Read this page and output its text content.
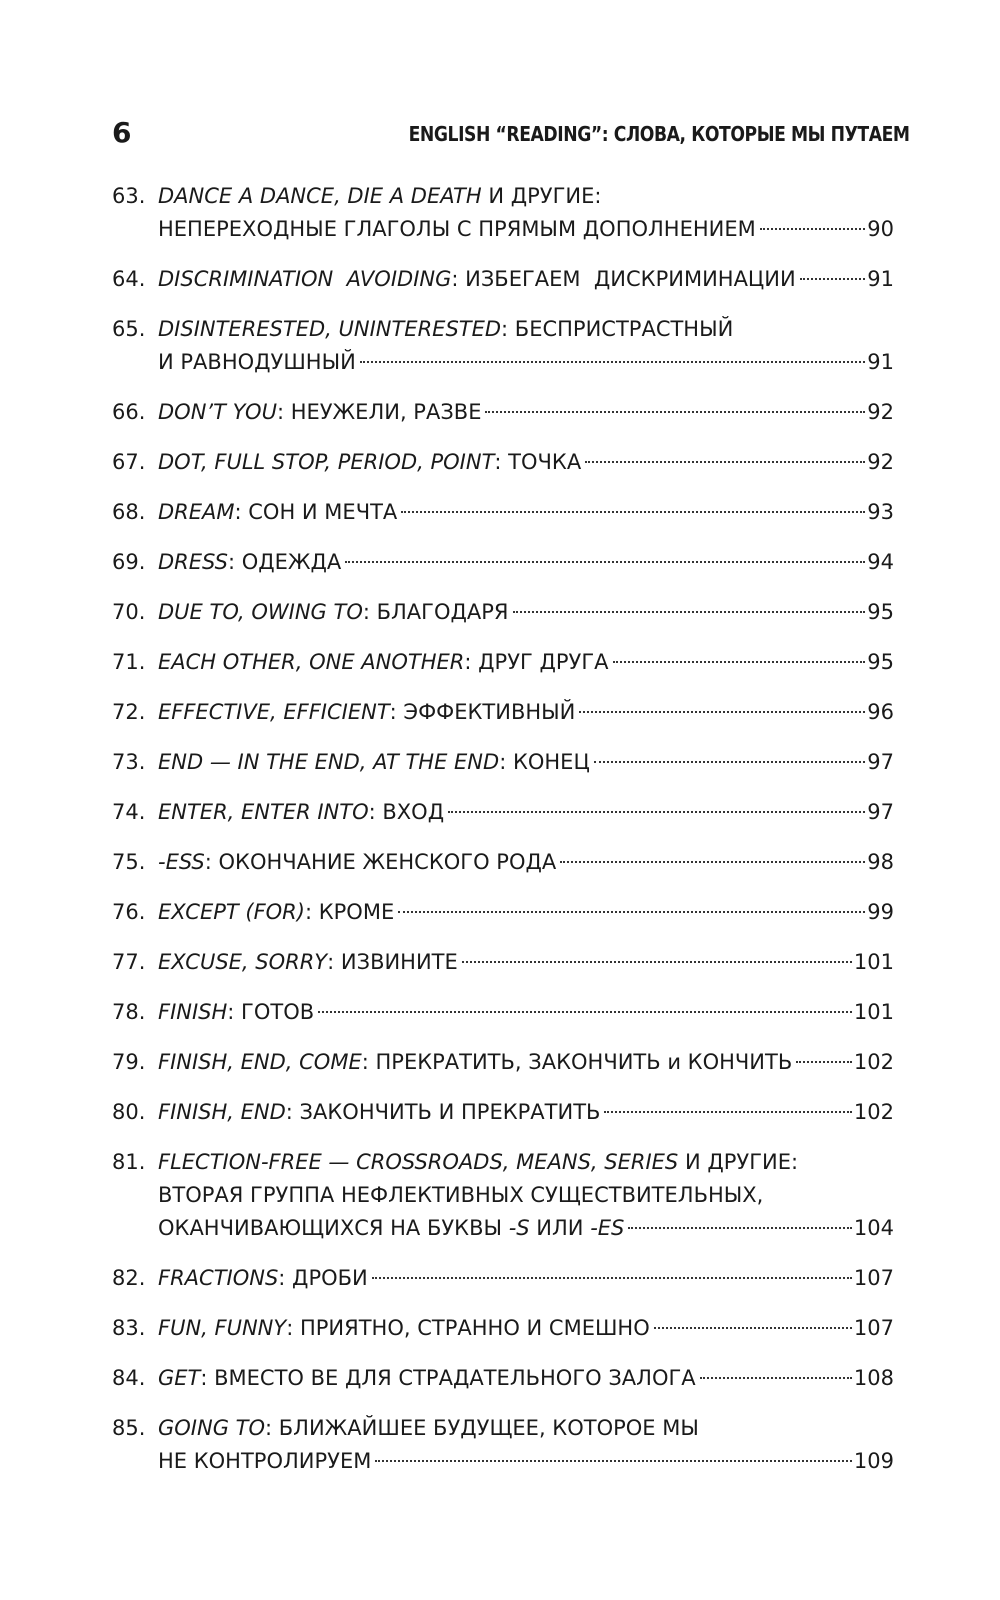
6	ENGLISH “READING”: СЛОВА, КОТОРЫЕ МЫ ПУТАЕМ
63. DANCE A DANCE, DIE A DEATH И ДРУГИЕ:
НЕПЕРЕХОДНЫЕ ГЛАГОЛЫ С ПРЯМЫМ ДОПОЛНЕНИЕМ	90
64. DISCRIMINATION  AVOIDING: ИЗБЕГАЕМ  ДИСКРИМИНАЦИИ	91
65. DISINTERESTED, UNINTERESTED: БЕСПРИСТРАСТНЫЙ
И РАВНОДУШНЫЙ	91
66. DON’T YOU: НЕУЖЕЛИ, РАЗВЕ	92
67. DOT, FULL STOP, PERIOD, POINT: ТОЧКА	92
68. DREAM: СОН И МЕЧТА	93
69. DRESS: ОДЕЖДА	94
70. DUE TO, OWING TO: БЛАГОДАРЯ	95
71. EACH OTHER, ONE ANOTHER: ДРУГ ДРУГА	95
72. EFFECTIVE, EFFICIENT: ЭФФЕКТИВНЫЙ	96
73. END — IN THE END, AT THE END: КОНЕЦ	97
74. ENTER, ENTER INTO: ВХОД	97
75. -ESS: ОКОНЧАНИЕ ЖЕНСКОГО РОДА	98
76. EXCEPT (FOR): КРОМЕ	99
77. EXCUSE, SORRY: ИЗВИНИТЕ	101
78. FINISH: ГОТОВ	101
79. FINISH, END, COME: ПРЕКРАТИТЬ, ЗАКОНЧИТЬ и КОНЧИТЬ	102
80. FINISH, END: ЗАКОНЧИТЬ И ПРЕКРАТИТЬ	102
81. FLECTION-FREE — CROSSROADS, MEANS, SERIES И ДРУГИЕ:
ВТОРАЯ ГРУППА НЕФЛЕКТИВНЫХ СУЩЕСТВИТЕЛЬНЫХ,
ОКАНЧИВАЮЩИХСЯ НА БУКВЫ -S ИЛИ -ES	104
82. FRACTIONS: ДРОБИ	107
83. FUN, FUNNY: ПРИЯТНО, СТРАННО И СМЕШНО	107
84. GET: ВМЕСТО BE ДЛЯ СТРАДАТЕЛЬНОГО ЗАЛОГА	108
85. GOING TO: БЛИЖАЙШЕЕ БУДУЩЕЕ, КОТОРОЕ МЫ
НЕ КОНТРОЛИРУЕМ	109
